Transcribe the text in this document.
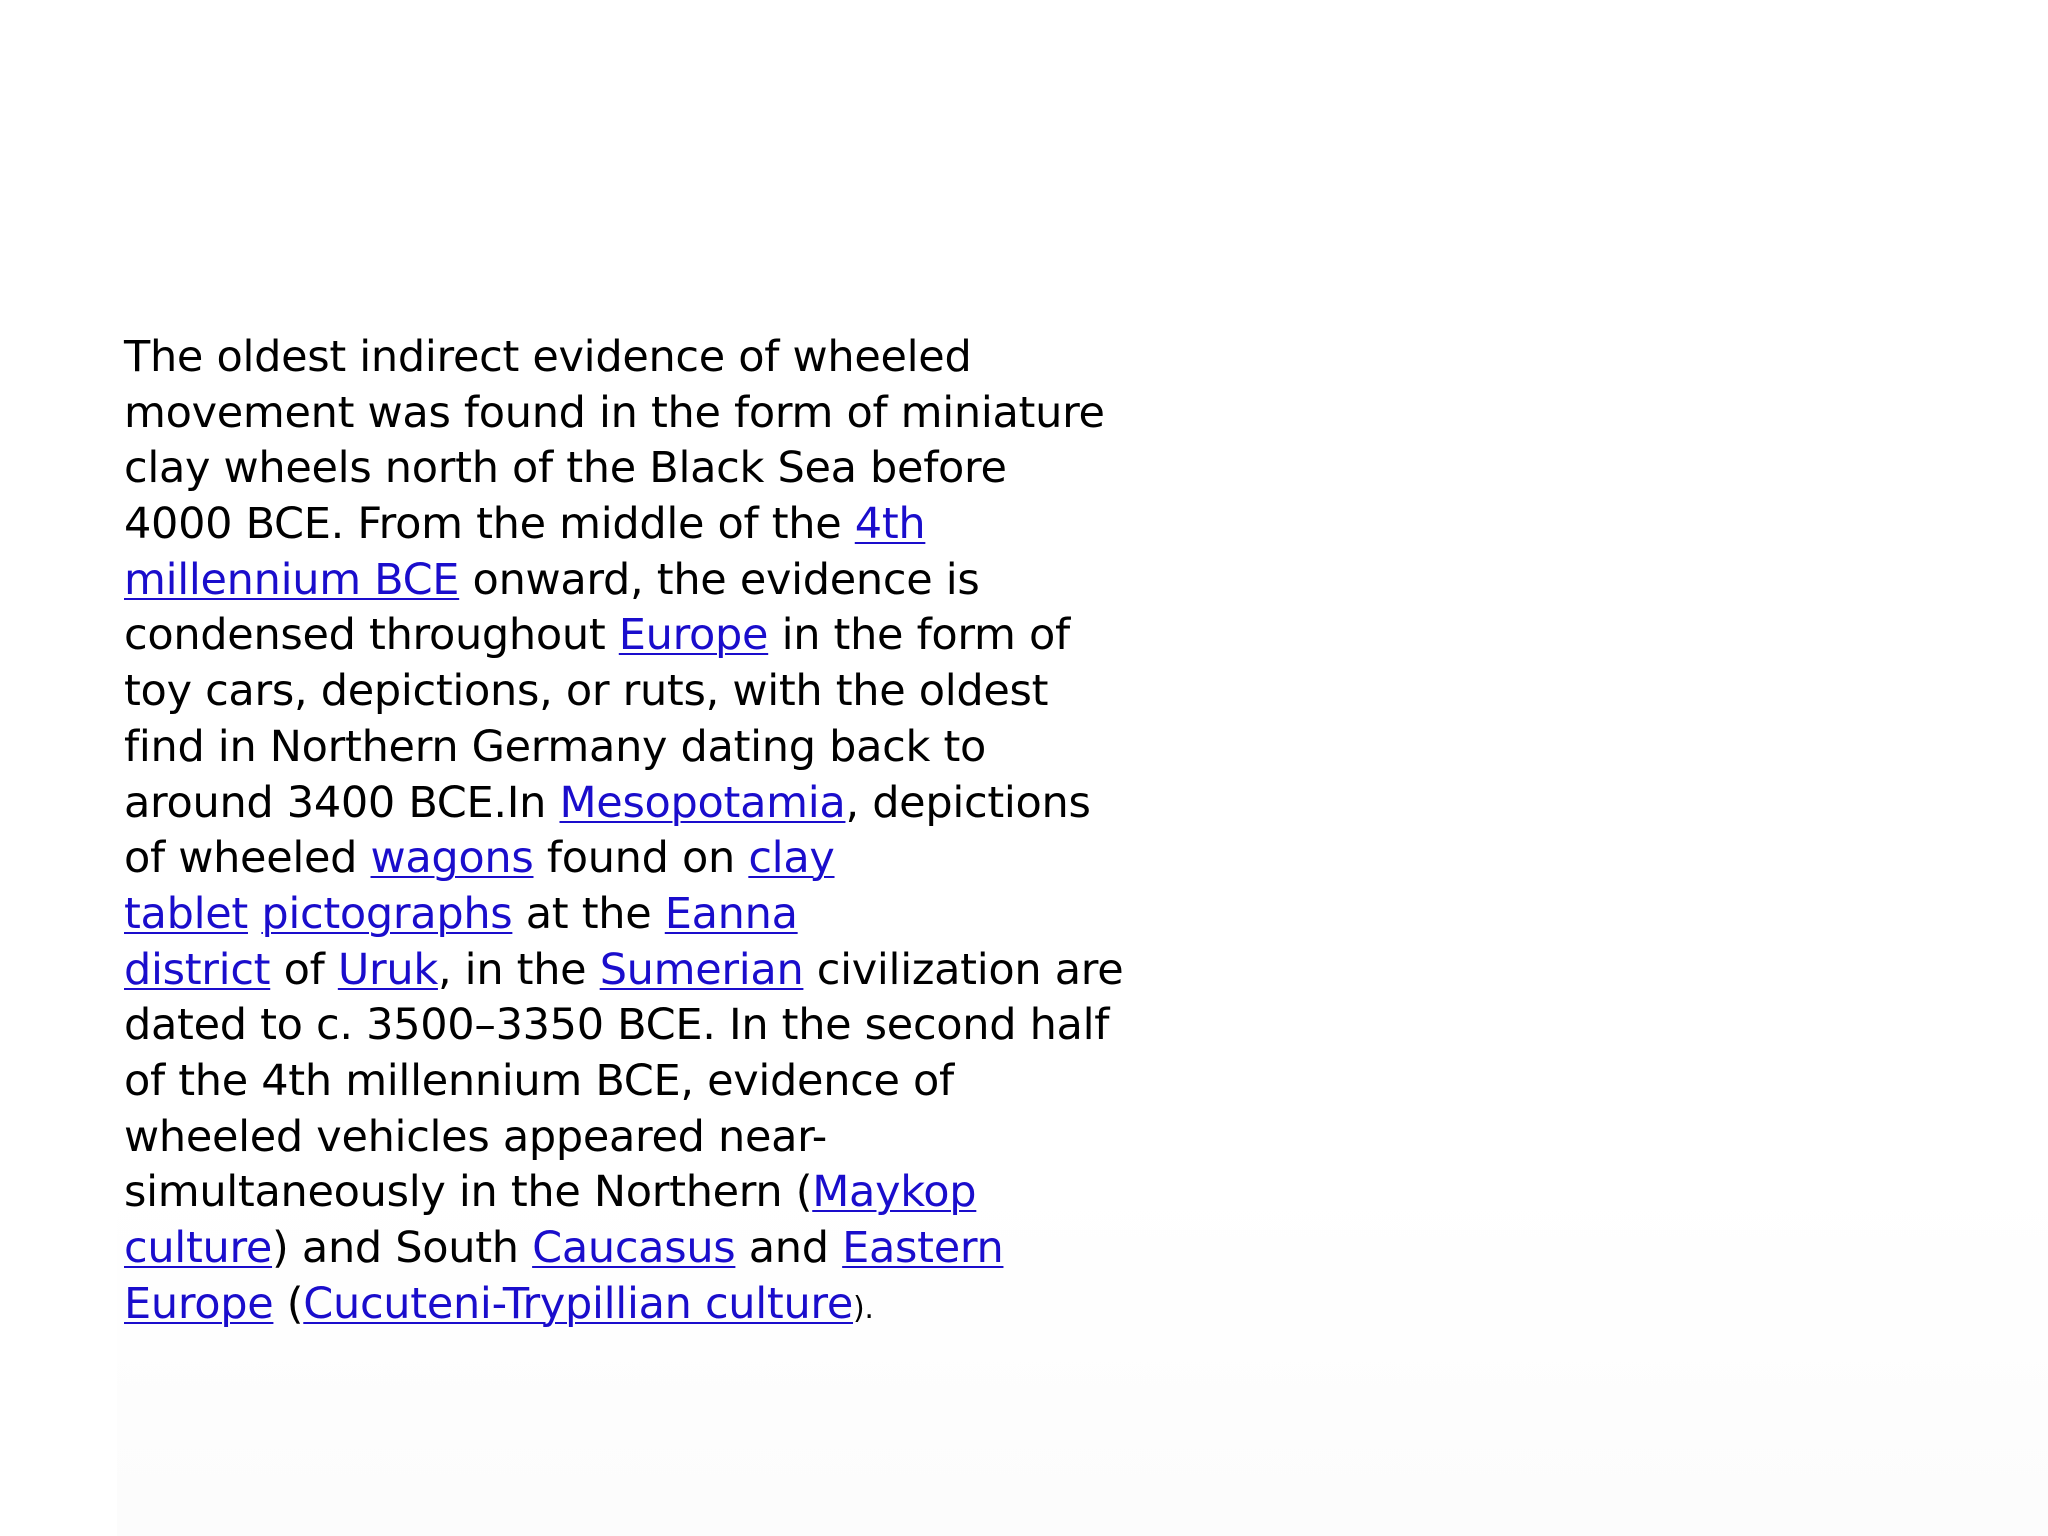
The oldest indirect evidence of wheeled
movement was found in the form of miniature
clay wheels north of the Black Sea before
4000 BCE. From the middle of the 4th
millennium BCE onward, the evidence is
condensed throughout Europe in the form of
toy cars, depictions, or ruts, with the oldest
find in Northern Germany dating back to
around 3400 BCE.In Mesopotamia, depictions
of wheeled wagons found on clay
tablet pictographs at the Eanna
district of Uruk, in the Sumerian civilization are
dated to c. 3500–3350 BCE. In the second half
of the 4th millennium BCE, evidence of
wheeled vehicles appeared near-
simultaneously in the Northern (Maykop
culture) and South Caucasus and Eastern
Europe (Cucuteni-Trypillian culture).
